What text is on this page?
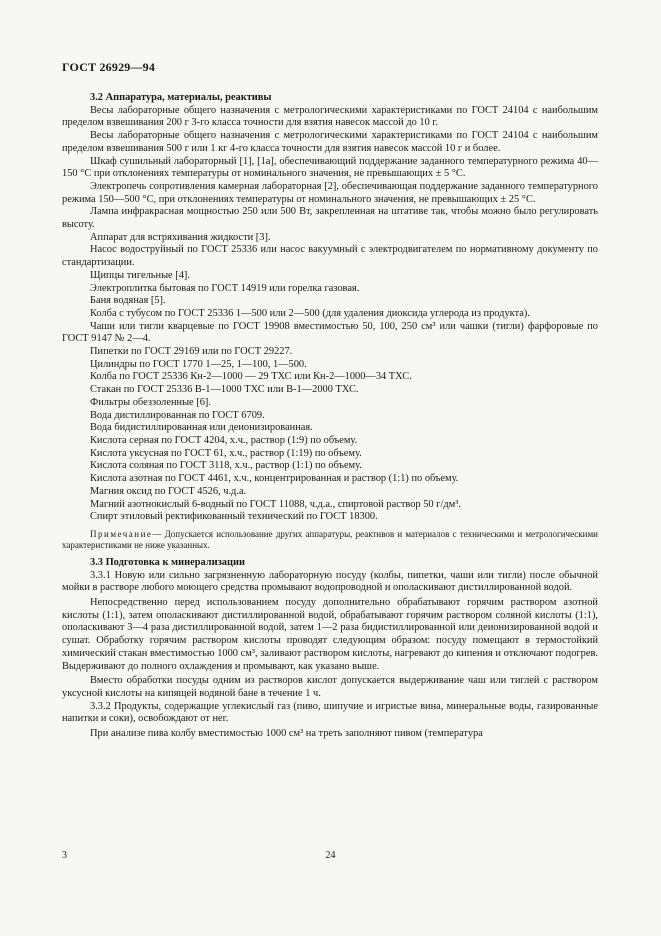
ГОСТ 26929—94

3.2 Аппаратура, материалы, реактивы

Весы лабораторные общего назначения с метрологическими характеристиками по ГОСТ 24104 с наибольшим пределом взвешивания 200 г 3-го класса точности для взятия навесок массой до 10 г.

Весы лабораторные общего назначения с метрологическими характеристиками по ГОСТ 24104 с наибольшим пределом взвешивания 500 г или 1 кг 4-го класса точности для взятия навесок массой 10 г и более.

Шкаф сушильный лабораторный [1], [1а], обеспечивающий поддержание заданного температурного режима 40—150 °С при отклонениях температуры от номинального значения, не превышающих ± 5 °С.

Электропечь сопротивления камерная лабораторная [2], обеспечивающая поддержание заданного температурного режима 150—500 °С, при отклонениях температуры от номинального значения, не превышающих ± 25 °С.

Лампа инфракрасная мощностью 250 или 500 Вт, закрепленная на штативе так, чтобы можно было регулировать высоту.

Аппарат для встряхивания жидкости [3].

Насос водоструйный по ГОСТ 25336 или насос вакуумный с электродвигателем по нормативному документу по стандартизации.

Щипцы тигельные [4].

Электроплитка бытовая по ГОСТ 14919 или горелка газовая.

Баня водяная [5].

Колба с тубусом по ГОСТ 25336 1—500 или 2—500 (для удаления диоксида углерода из продукта).

Чаши или тигли кварцевые по ГОСТ 19908 вместимостью 50, 100, 250 см³ или чашки (тигли) фарфоровые по ГОСТ 9147 № 2—4.

Пипетки по ГОСТ 29169 или по ГОСТ 29227.

Цилиндры по ГОСТ 1770 1—25, 1—100, 1—500.

Колба по ГОСТ 25336 Кн-2—1000 — 29 ТХС или Кн-2—1000—34 ТХС.

Стакан по ГОСТ 25336 В-1—1000 ТХС или В-1—2000 ТХС.

Фильтры обеззоленные [6].

Вода дистиллированная по ГОСТ 6709.

Вода бидистиллированная или деионизированная.

Кислота серная по ГОСТ 4204, х.ч., раствор (1:9) по объему.

Кислота уксусная по ГОСТ 61, х.ч., раствор (1:19) по объему.

Кислота соляная по ГОСТ 3118, х.ч., раствор (1:1) по объему.

Кислота азотная по ГОСТ 4461, х.ч., концентрированная и раствор (1:1) по объему.

Магния оксид по ГОСТ 4526, ч.д.а.

Магний азотнокислый 6-водный по ГОСТ 11088, ч.д.а., спиртовой раствор 50 г/дм³.

Спирт этиловый ректификованный технический по ГОСТ 18300.

Примечание— Допускается использование других аппаратуры, реактивов и материалов с техническими и метрологическими характеристиками не ниже указанных.

3.3 Подготовка к минерализации

3.3.1 Новую или сильно загрязненную лабораторную посуду (колбы, пипетки, чаши или тигли) после обычной мойки в растворе любого моющего средства промывают водопроводной и ополаскивают дистиллированной водой.

Непосредственно перед использованием посуду дополнительно обрабатывают горячим раствором азотной кислоты (1:1), затем ополаскивают дистиллированной водой, обрабатывают горячим раствором соляной кислоты (1:1), ополаскивают 3—4 раза дистиллированной водой, затем 1—2 раза бидистиллированной или деионизированной водой и сушат. Обработку горячим раствором кислоты проводят следующим образом: посуду помещают в термостойкий химический стакан вместимостью 1000 см³, заливают раствором кислоты, нагревают до кипения и отключают подогрев. Выдерживают до полного охлаждения и промывают, как указано выше.

Вместо обработки посуды одним из растворов кислот допускается выдерживание чаш или тиглей с раствором уксусной кислоты на кипящей водяной бане в течение 1 ч.

3.3.2 Продукты, содержащие углекислый газ (пиво, шипучие и игристые вина, минеральные воды, газированные напитки и соки), освобождают от нег.

При анализе пива колбу вместимостью 1000 см³ на треть заполняют пивом (температура

3	24
